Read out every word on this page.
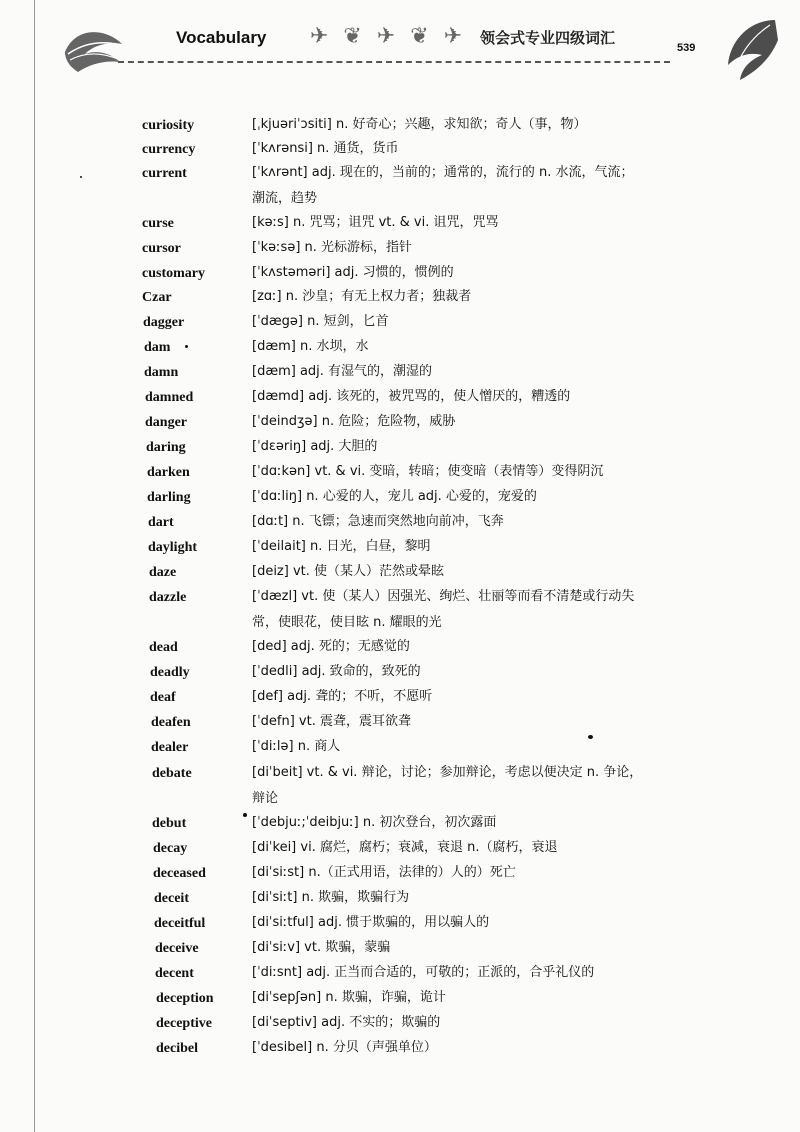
Vocabulary ✈ ❦ ✈ ❦ ✈ 领会式专业四级词汇
539
curiosity	[ˌkjuəriˈɔsiti] n. 好奇心；兴趣，求知欲；奇人（事，物）
currency	[ˈkʌrənsi] n. 通货，货币
current	[ˈkʌrənt] adj. 现在的，当前的；通常的，流行的 n. 水流，气流；
潮流，趋势
curse	[kəːs] n. 咒骂；诅咒 vt. & vi. 诅咒，咒骂
cursor	[ˈkəːsə] n. 光标游标，指针
customary	[ˈkʌstəməri] adj. 习惯的，惯例的
Czar	[zɑː] n. 沙皇；有无上权力者；独裁者
dagger	[ˈdægə] n. 短剑，匕首
dam	[dæm] n. 水坝，水
damn	[dæm] adj. 有湿气的，潮湿的
damned	[dæmd] adj. 该死的，被咒骂的，使人憎厌的，糟透的
danger	[ˈdeindʒə] n. 危险；危险物，威胁
daring	[ˈdɛəriŋ] adj. 大胆的
darken	[ˈdɑːkən] vt. & vi. 变暗，转暗；使变暗（表情等）变得阴沉
darling	[ˈdɑːliŋ] n. 心爱的人，宠儿 adj. 心爱的，宠爱的
dart	[dɑːt] n. 飞镖；急速而突然地向前冲，飞奔
daylight	[ˈdeilait] n. 日光，白昼，黎明
daze	[deiz] vt. 使（某人）茫然或晕眩
dazzle	[ˈdæzl] vt. 使（某人）因强光、绚烂、壮丽等而看不清楚或行动失
常，使眼花，使目眩 n. 耀眼的光
dead	[ded] adj. 死的；无感觉的
deadly	[ˈdedli] adj. 致命的，致死的
deaf	[def] adj. 聋的；不听，不愿听
deafen	[ˈdefn] vt. 震聋，震耳欲聋
dealer	[ˈdiːlə] n. 商人
debate	[diˈbeit] vt. & vi. 辩论，讨论；参加辩论，考虑以便决定 n. 争论，
辩论
debut	[ˈdebjuː;ˈdeibjuː] n. 初次登台，初次露面
decay	[diˈkei] vi. 腐烂，腐朽；衰减，衰退 n.（腐朽，衰退
deceased	[diˈsiːst] n.（正式用语，法律的）人的）死亡
deceit	[diˈsiːt] n. 欺骗，欺骗行为
deceitful	[diˈsiːtful] adj. 惯于欺骗的，用以骗人的
deceive	[diˈsiːv] vt. 欺骗，蒙骗
decent	[ˈdiːsnt] adj. 正当而合适的，可敬的；正派的，合乎礼仪的
deception	[diˈsepʃən] n. 欺骗，诈骗，诡计
deceptive	[diˈseptiv] adj. 不实的；欺骗的
decibel	[ˈdesibel] n. 分贝（声强单位）
